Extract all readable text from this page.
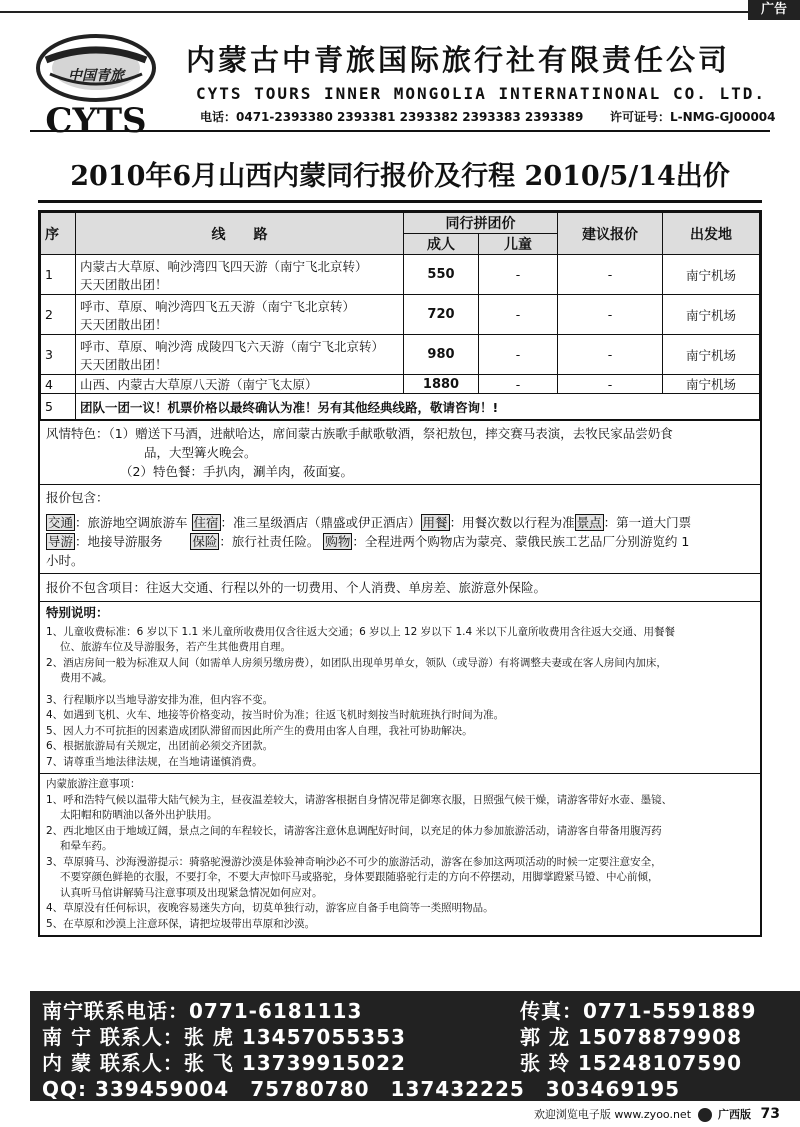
广告
中国青旅
CYTS
内蒙古中青旅国际旅行社有限责任公司
CYTS TOURS INNER MONGOLIA INTERNATINONAL CO. LTD.
电话：0471-2393380 2393381 2393382 2393383 2393389 许可证号：L-NMG-GJ00004
2010年6月山西内蒙同行报价及行程 2010/5/14出价
序	线　　路	同行拼团价		建议报价	出发地
		成人	儿童		
1	内蒙古大草原、响沙湾四飞四天游（南宁飞北京转）
天天团散出团！	550	-	-	南宁机场
2	呼市、草原、响沙湾四飞五天游（南宁飞北京转）
天天团散出团！	720	-	-	南宁机场
3	呼市、草原、响沙湾 成陵四飞六天游（南宁飞北京转）
天天团散出团！	980	-	-	南宁机场
4	山西、内蒙古大草原八天游（南宁飞太原）	1880	-	-	南宁机场
5	团队一团一议！机票价格以最终确认为准！另有其他经典线路，敬请咨询！!				

风情特色：（1）赠送下马酒，进献哈达，席间蒙古族歌手献歌敬酒，祭祀敖包，摔交赛马表演，去牧民家品尝奶食

品，大型篝火晚会。

（2）特色餐：手扒肉，涮羊肉，莜面宴。

报价包含：

交通 ：旅游地空调旅游车 住宿 ：准三星级酒店（鼎盛或伊正酒店） 用餐 ：用餐次数以行程为准 景点 ：第一道大门票

导游 ：地接导游服务 保险 ：旅行社责任险。 购物 ：全程进两个购物店为蒙亮、蒙俄民族工艺品厂分别游览约 1

小时。

报价不包含项目：往返大交通、行程以外的一切费用、个人消费、单房差、旅游意外保险。

特别说明：

1、儿童收费标准：6 岁以下 1.1 米儿童所收费用仅含往返大交通；6 岁以上 12 岁以下 1.4 米以下儿童所收费用含往返大交通、用餐餐

位、旅游车位及导游服务，若产生其他费用自理。

2、酒店房间一般为标准双人间（如需单人房须另缴房费），如团队出现单男单女，领队（或导游）有将调整夫妻或在客人房间内加床，

费用不减。

3、行程顺序以当地导游安排为准，但内容不变。

4、如遇到飞机、火车、地接等价格变动，按当时价为准；往返飞机时刻按当时航班执行时间为准。

5、因人力不可抗拒的因素造成团队滞留而因此所产生的费用由客人自理，我社可协助解决。

6、根据旅游局有关规定，出团前必须交齐团款。

7、请尊重当地法律法规，在当地请谨慎消费。

内蒙旅游注意事项：

1、呼和浩特气候以温带大陆气候为主，昼夜温差较大，请游客根据自身情况带足御寒衣服，日照强气候干燥，请游客带好水壶、墨镜、

太阳帽和防晒油以备外出护肤用。

2、西北地区由于地域辽阔，景点之间的车程较长，请游客注意休息调配好时间，以充足的体力参加旅游活动，请游客自带备用腹泻药

和晕车药。

3、草原骑马、沙海漫游提示：骑骆驼漫游沙漠是体验神奇响沙必不可少的旅游活动，游客在参加这两项活动的时候一定要注意安全，

不要穿颜色鲜艳的衣服，不要打伞，不要大声惊吓马或骆驼，身体要跟随骆驼行走的方向不停摆动，用脚掌蹬紧马镫、中心前倾，

认真听马倌讲解骑马注意事项及出现紧急情况如何应对。

4、草原没有任何标识，夜晚容易迷失方向，切莫单独行动，游客应自备手电筒等一类照明物品。

5、在草原和沙漠上注意环保，请把垃圾带出草原和沙漠。

南宁联系电话：0771-6181113	传真：0771-5591889
南 宁 联系人：张 虎 13457055353	郭 龙 15078879908
内 蒙 联系人：张 飞 13739915022	张 玲 15248107590
QQ: 339459004　75780780　137432225　303469195
欢迎浏览电子版 www.zyoo.net 广西版 73
